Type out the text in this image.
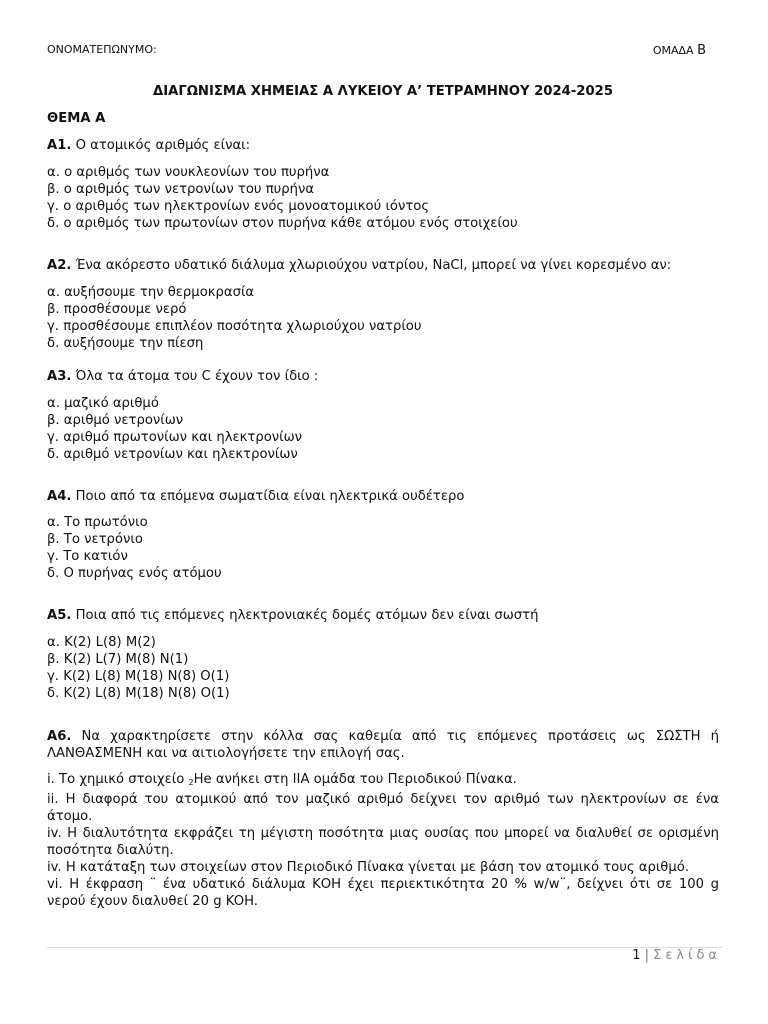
ΟΝΟΜΑΤΕΠΩΝΥΜΟ:	ΟΜΑΔΑ Β
ΔΙΑΓΩΝΙΣΜΑ ΧΗΜΕΙΑΣ Α ΛΥΚΕΙΟΥ Α’ ΤΕΤΡΑΜΗΝΟΥ 2024-2025
ΘΕΜΑ Α
Α1. Ο ατομικός αριθμός είναι:
α. ο αριθμός των νουκλεονίων του πυρήνα
β. ο αριθμός των νετρονίων του πυρήνα
γ. ο αριθμός των ηλεκτρονίων ενός μονοατομικού ιόντος
δ. ο αριθμός των πρωτονίων στον πυρήνα κάθε ατόμου ενός στοιχείου
Α2. Ένα ακόρεστο υδατικό διάλυμα χλωριούχου νατρίου, NaCl, μπορεί να γίνει κορεσμένο αν:
α. αυξήσουμε την θερμοκρασία
β. προσθέσουμε νερό
γ. προσθέσουμε επιπλέον ποσότητα χλωριούχου νατρίου
δ. αυξήσουμε την πίεση
Α3. Όλα τα άτομα του C έχουν τον ίδιο :
α. μαζικό αριθμό
β. αριθμό νετρονίων
γ. αριθμό πρωτονίων και ηλεκτρονίων
δ. αριθμό νετρονίων και ηλεκτρονίων
Α4. Ποιο από τα επόμενα σωματίδια είναι ηλεκτρικά ουδέτερο
α. Το πρωτόνιο
β. Το νετρόνιο
γ. Το κατιόν
δ. Ο πυρήνας ενός ατόμου
Α5. Ποια από τις επόμενες ηλεκτρονιακές δομές ατόμων δεν είναι σωστή
α. K(2) L(8) M(2)
β. K(2) L(7) M(8) N(1)
γ. K(2) L(8) M(18) N(8) O(1)
δ. K(2) L(8) M(18) N(8) O(1)
Α6. Να χαρακτηρίσετε στην κόλλα σας καθεμία από τις επόμενες προτάσεις ως ΣΩΣΤΗ ή ΛΑΝΘΑΣΜΕΝΗ και να αιτιολογήσετε την επιλογή σας.

i. Το χημικό στοιχείο $_2$He ανήκει στη IIA ομάδα του Περιοδικού Πίνακα.

ii. Η διαφορά του ατομικού από τον μαζικό αριθμό δείχνει τον αριθμό των ηλεκτρονίων σε ένα άτομο.

iv. Η διαλυτότητα εκφράζει τη μέγιστη ποσότητα μιας ουσίας που μπορεί να διαλυθεί σε ορισμένη ποσότητα διαλύτη.

iv. Η κατάταξη των στοιχείων στον Περιοδικό Πίνακα γίνεται με βάση τον ατομικό τους αριθμό.

vi. Η έκφραση ¨ ένα υδατικό διάλυμα ΚΟΗ έχει περιεκτικότητα 20 % w/w¨, δείχνει ότι σε 100 g νερού έχουν διαλυθεί 20 g KOH.

1 | Σελίδα
